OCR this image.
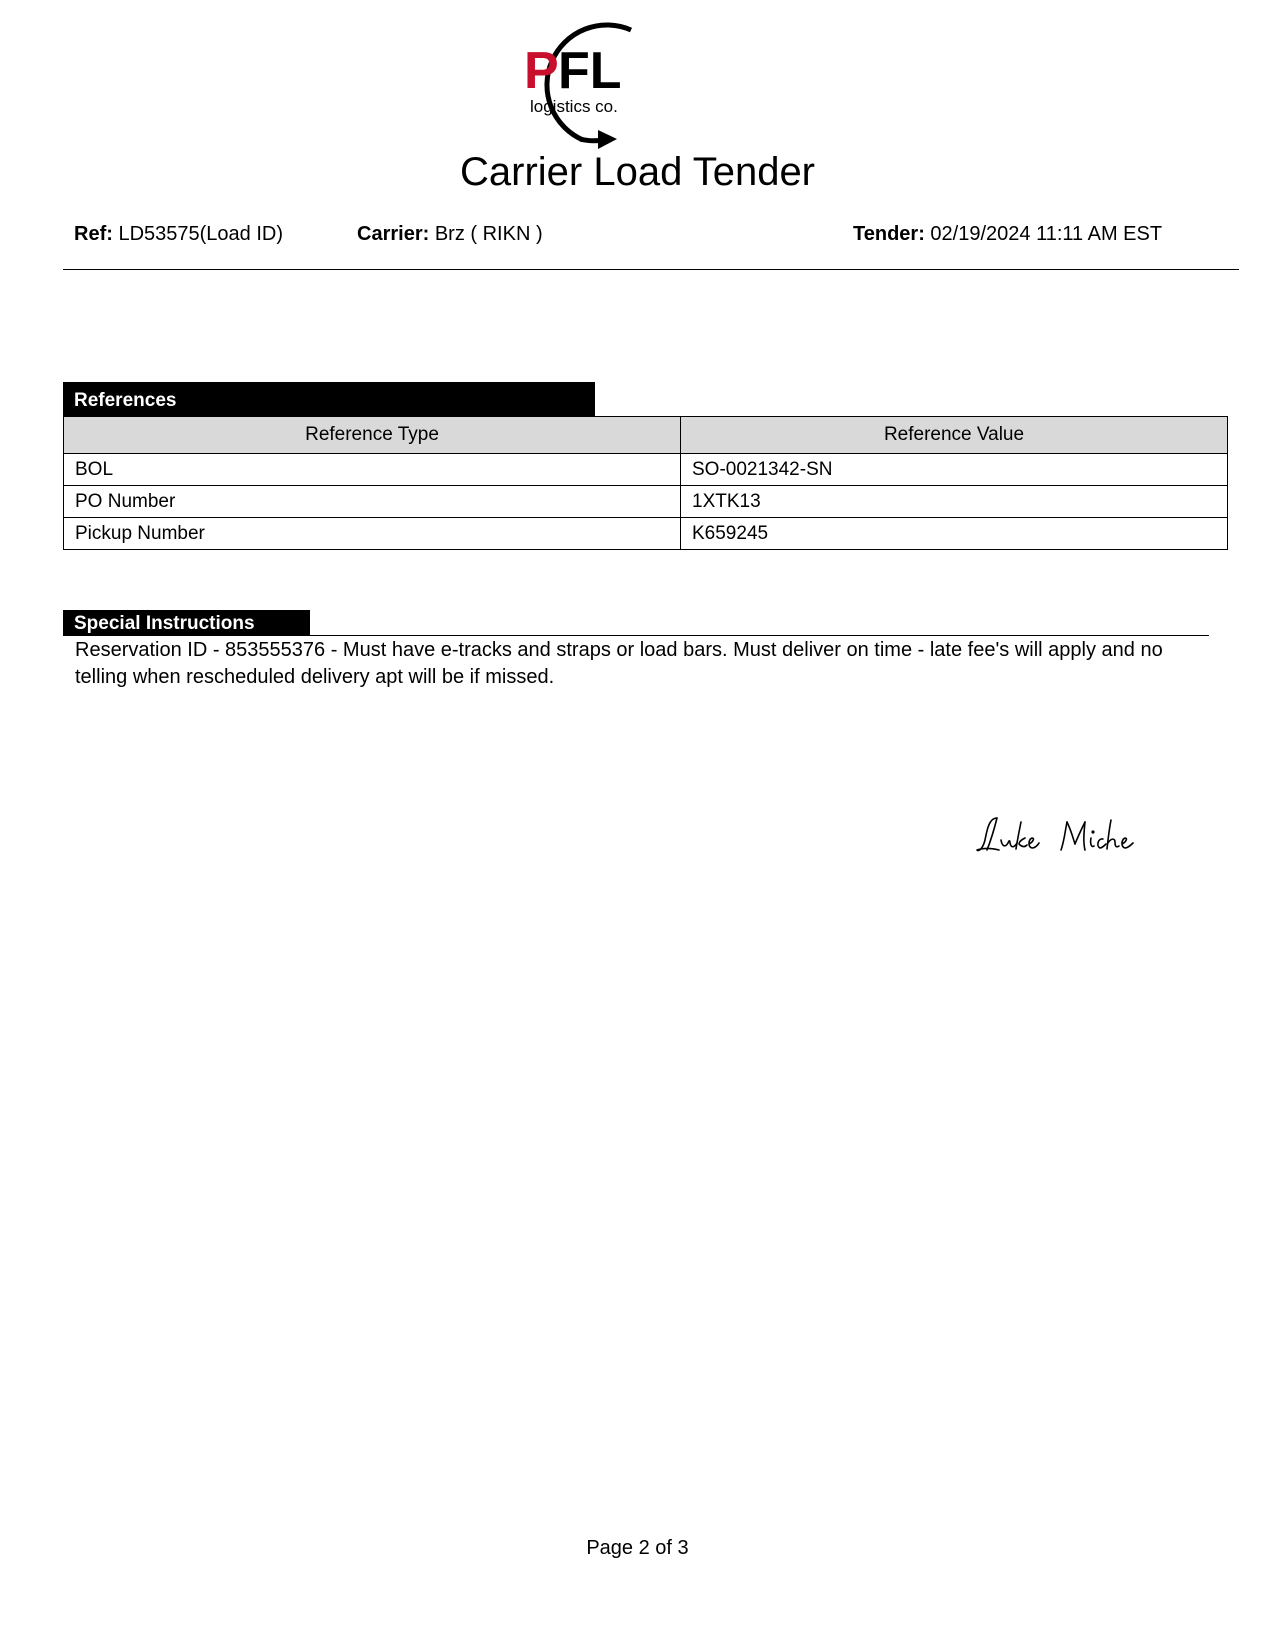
P FL
logistics co.
Carrier Load Tender
Ref: LD53575(Load ID)	Carrier: Brz ( RIKN )	Tender: 02/19/2024 11:11 AM EST
References
Reference Type	Reference Value
BOL	SO-0021342-SN
PO Number	1XTK13
Pickup Number	K659245
Special Instructions
Reservation ID - 853555376 - Must have e-tracks and straps or load bars. Must deliver on time - late fee's will apply and no telling when rescheduled delivery apt will be if missed.
Page 2 of 3
